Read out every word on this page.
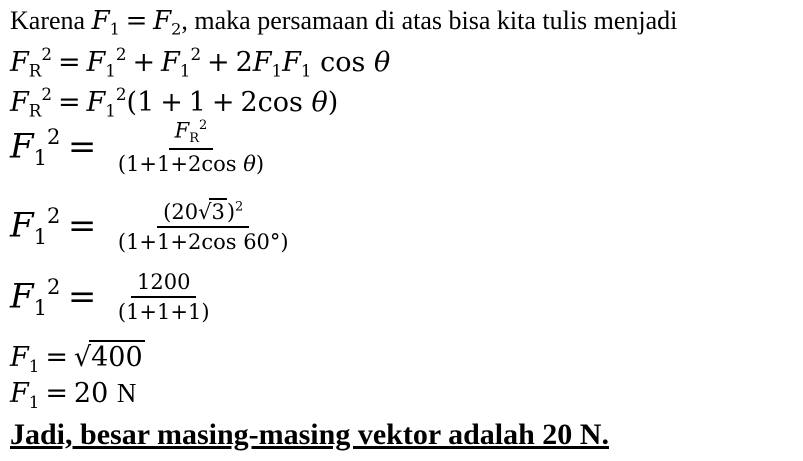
Karena $F_1 = F_2$, maka persamaan di atas bisa kita tulis menjadi
$F_R^2 = F_1^2 + F_1^2 + 2F_1F_1$ cos θ
$F_R^2 = F_1^2(1 + 1 + 2\cos$ θ)
$F_1^2 = \frac{F_R^2}{\text{(1+1+2cos θ)}}$
$F_1^2 = \frac{(20√3)^2}{(1+1+2\cos 60^\circ)}$
$F_1^2 = \frac{1200}{(1+1+1)}$
$F_1 = √400$
$F_1 = 20$ N
Jadi, besar masing-masing vektor adalah 20 N.
